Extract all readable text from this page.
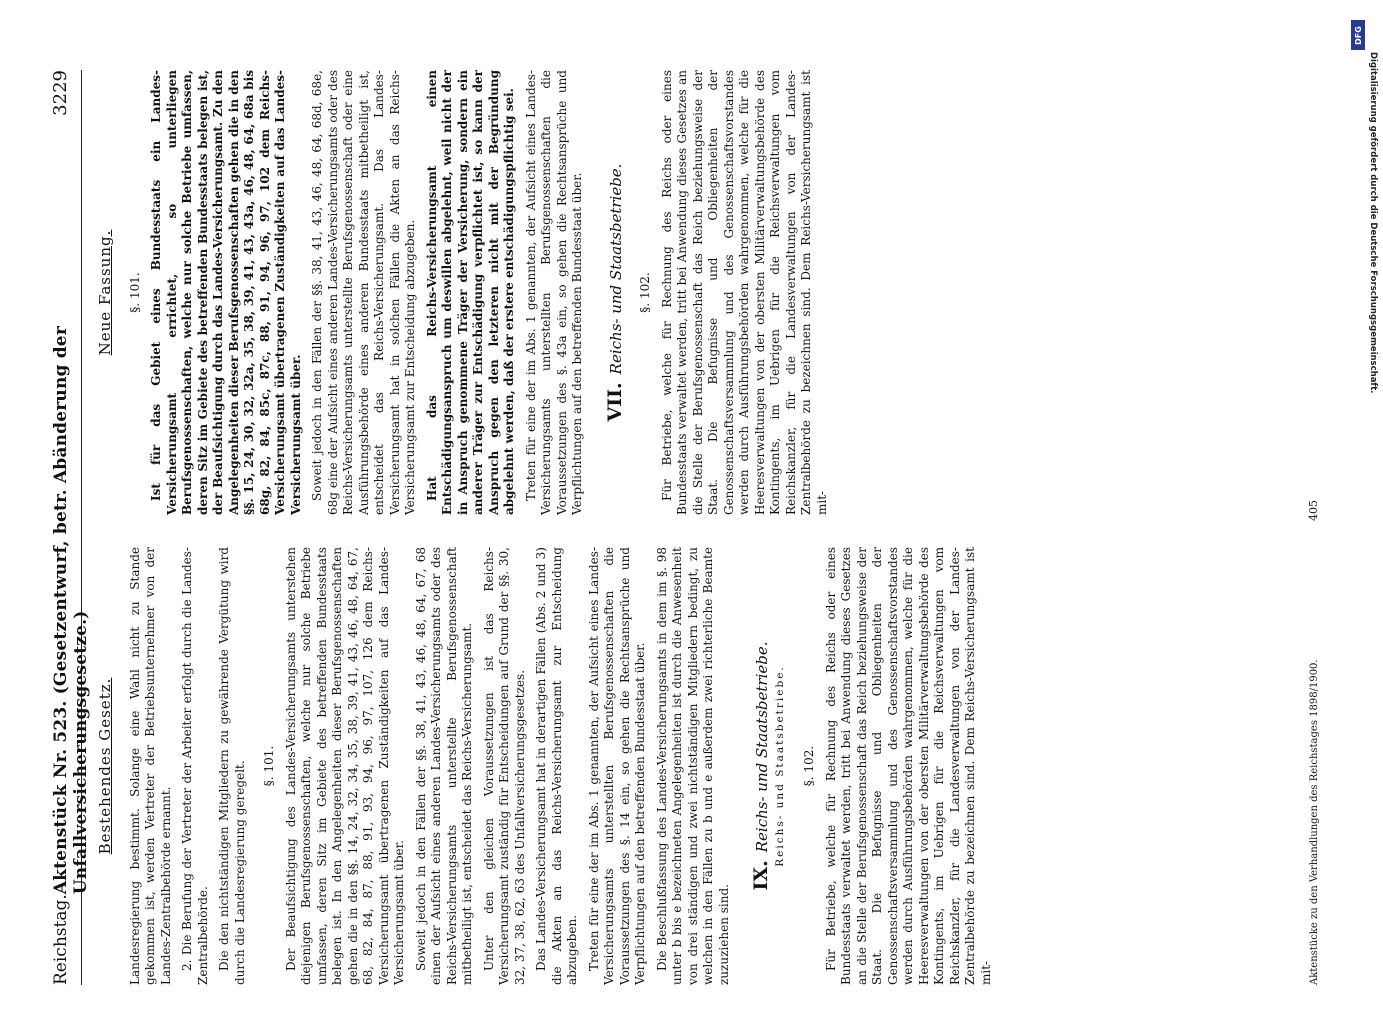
Reichstag.
Aktenstück Nr. 523. (Gesetzentwurf, betr. Abänderung der Unfallversicherungsgesetze.)
3229
Bestehendes Gesetz. Landesregierung bestimmt. Solange eine Wahl nicht zu Stande gekommen ist, werden Vertreter der Betriebsunternehmer von der Landes-Zentralbehörde ernannt. 2. Die Berufung der Vertreter der Arbeiter erfolgt durch die Landes-Zentralbehörde. Die den nichtständigen Mitgliedern zu gewährende Vergütung wird durch die Landesregierung geregelt. §. 101. Der Beaufsichtigung des Landes-Versicherungsamts unterstehen diejenigen Berufsgenossenschaften, welche nur solche Betriebe umfassen, deren Sitz im Gebiete des betreffenden Bundesstaats belegen ist. In den Angelegenheiten dieser Berufsgenossenschaften gehen die in den §§. 14, 24, 32, 34, 35, 38, 39, 41, 43, 46, 48, 64, 67, 68, 82, 84, 87, 88, 91, 93, 94, 96, 97, 107, 126 dem Reichs-Versicherungsamt übertragenen Zuständigkeiten auf das Landes-Versicherungsamt über. Soweit jedoch in den Fällen der §§. 38, 41, 43, 46, 48, 64, 67, 68 einen der Aufsicht eines anderen Landes-Versicherungsamts oder des Reichs-Versicherungsamts unterstellte Berufsgenossenschaft mitbetheiligt ist, entscheidet das Reichs-Versicherungsamt. Unter den gleichen Voraussetzungen ist das Reichs-Versicherungsamt zuständig für Entscheidungen auf Grund der §§. 30, 32, 37, 38, 62, 63 des Unfallversicherungsgesetzes. Das Landes-Versicherungsamt hat in derartigen Fällen (Abs. 2 und 3) die Akten an das Reichs-Versicherungsamt zur Entscheidung abzugeben. Treten für eine der im Abs. 1 genannten, der Aufsicht eines Landes-Versicherungsamts unterstellten Berufsgenossenschaften die Voraussetzungen des §. 14 ein, so gehen die Rechtsansprüche und Verpflichtungen auf den betreffenden Bundesstaat über. Die Beschlußfassung des Landes-Versicherungsamts in dem im §. 98 unter b bis e bezeichneten Angelegenheiten ist durch die Anwesenheit von drei ständigen und zwei nichtständigen Mitgliedern bedingt, zu welchen in den Fällen zu b und e außerdem zwei richterliche Beamte zuzuziehen sind.

IX.Reichs- und Staatsbetriebe. Reichs- und Staatsbetriebe. §. 102. Für Betriebe, welche für Rechnung des Reichs oder eines Bundesstaats verwaltet werden, tritt bei Anwendung dieses Gesetzes an die Stelle der Berufsgenossenschaft das Reich beziehungsweise der Staat. Die Befugnisse und Obliegenheiten der Genossenschaftsversammlung und des Genossenschaftsvorstandes werden durch Ausführungsbehörden wahrgenommen, welche für die Heeresverwaltungen von der obersten Militärverwaltungsbehörde des Kontingents, im Uebrigen für die Reichsverwaltungen vom Reichskanzler, für die Landesverwaltungen von der Landes-Zentralbehörde zu bezeichnen sind. Dem Reichs-Versicherungsamt ist mit-

Neue Fassung. §. 101. Ist für das Gebiet eines Bundesstaats ein Landes-Versicherungsamt errichtet, so unterliegen Berufsgenossenschaften, welche nur solche Betriebe umfassen, deren Sitz im Gebiete des betreffenden Bundesstaats belegen ist, der Beaufsichtigung durch das Landes-Versicherungsamt. Zu den Angelegenheiten dieser Berufsgenossenschaften gehen die in den §§. 15, 24, 30, 32, 32a, 35, 38, 39, 41, 43, 43a, 46, 48, 64, 68a bis 68g, 82, 84, 85c, 87c, 88, 91, 94, 96, 97, 102 dem Reichs-Versicherungsamt übertragenen Zuständigkeiten auf das Landes-Versicherungsamt über. Soweit jedoch in den Fällen der §§. 38, 41, 43, 46, 48, 64, 68d, 68e, 68g eine der Aufsicht eines anderen Landes-Versicherungsamts oder des Reichs-Versicherungsamts unterstellte Berufsgenossenschaft oder eine Ausführungsbehörde eines anderen Bundesstaats mitbetheiligt ist, entscheidet das Reichs-Versicherungsamt. Das Landes-Versicherungsamt hat in solchen Fällen die Akten an das Reichs-Versicherungsamt zur Entscheidung abzugeben. Hat das Reichs-Versicherungsamt einen Entschädigungsanspruch um deswillen abgelehnt, weil nicht der in Anspruch genommene Träger der Versicherung, sondern ein anderer Träger zur Entschädigung verpflichtet ist, so kann der Anspruch gegen den letzteren nicht mit der Begründung abgelehnt werden, daß der erstere entschädigungspflichtig sei. Treten für eine der im Abs. 1 genannten, der Aufsicht eines Landes-Versicherungsamts unterstellten Berufsgenossenschaften die Voraussetzungen des §. 43a ein, so gehen die Rechtsansprüche und Verpflichtungen auf den betreffenden Bundesstaat über. VII.Reichs- und Staatsbetriebe. §. 102. Für Betriebe, welche für Rechnung des Reichs oder eines Bundesstaats verwaltet werden, tritt bei Anwendung dieses Gesetzes an die Stelle der Berufsgenossenschaft das Reich beziehungsweise der Staat. Die Befugnisse und Obliegenheiten der Genossenschaftsversammlung und des Genossenschaftsvorstandes werden durch Ausführungsbehörden wahrgenommen, welche für die Heeresverwaltungen von der obersten Militärverwaltungsbehörde des Kontingents, im Uebrigen für die Reichsverwaltungen vom Reichskanzler, für die Landesverwaltungen von der Landes-Zentralbehörde zu bezeichnen sind. Dem Reichs-Versicherungsamt ist mit-

Aktenstücke zu den Verhandlungen des Reichstages 1898/1900.
405
DFG
Digitalisierung gefördert durch die Deutsche Forschungsgemeinschaft.
